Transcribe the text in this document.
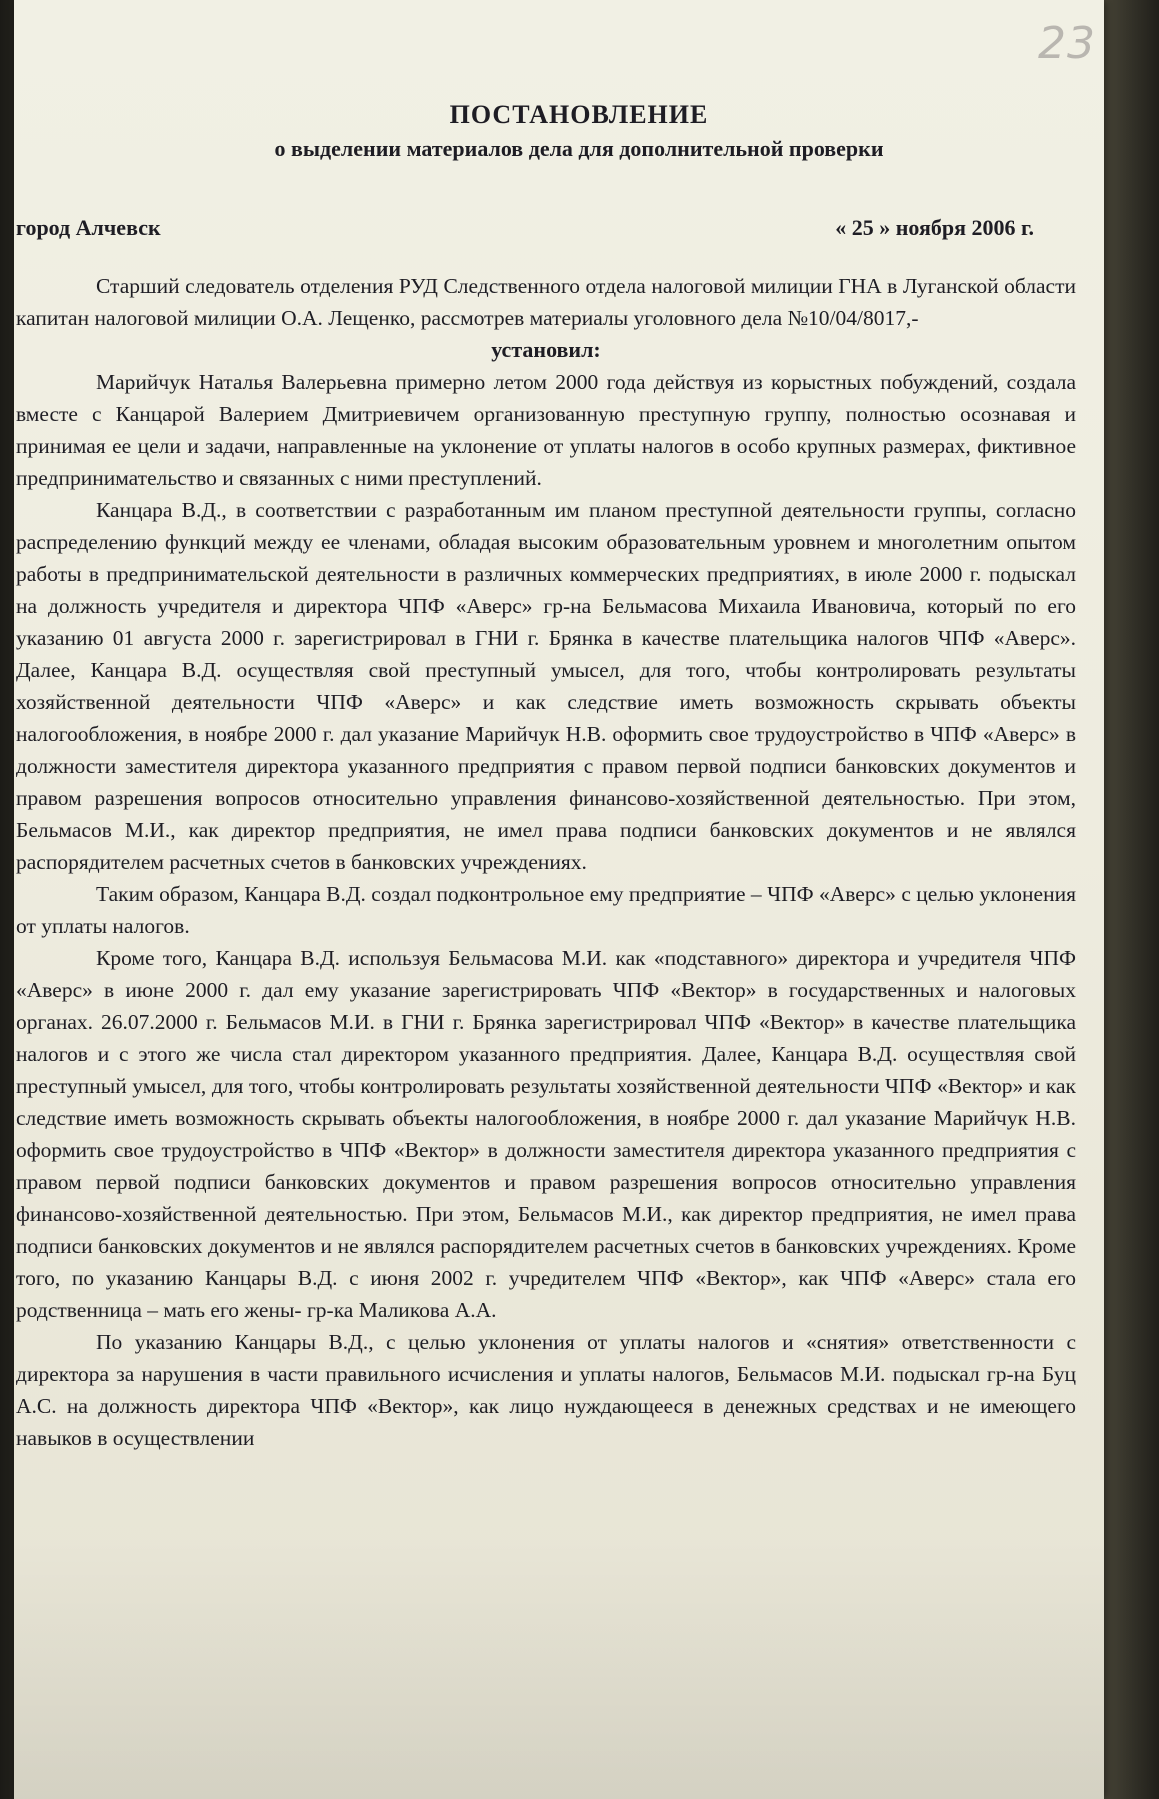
23
ПОСТАНОВЛЕНИЕ
о выделении материалов дела для дополнительной проверки
город Алчевск	« 25 » ноября 2006 г.

Старший следователь отделения РУД Следственного отдела налоговой милиции ГНА в Луганской области капитан налоговой милиции О.А. Лещенко, рассмотрев материалы уголовного дела №10/04/8017,-

установил:

Марийчук Наталья Валерьевна примерно летом 2000 года действуя из корыстных побуждений, создала вместе с Канцарой Валерием Дмитриевичем организованную преступную группу, полностью осознавая и принимая ее цели и задачи, направленные на уклонение от уплаты налогов в особо крупных размерах, фиктивное предпринимательство и связанных с ними преступлений.

Канцара В.Д., в соответствии с разработанным им планом преступной деятельности группы, согласно распределению функций между ее членами, обладая высоким образовательным уровнем и многолетним опытом работы в предпринимательской деятельности в различных коммерческих предприятиях, в июле 2000 г. подыскал на должность учредителя и директора ЧПФ «Аверс» гр-на Бельмасова Михаила Ивановича, который по его указанию 01 августа 2000 г. зарегистрировал в ГНИ г. Брянка в качестве плательщика налогов ЧПФ «Аверс». Далее, Канцара В.Д. осуществляя свой преступный умысел, для того, чтобы контролировать результаты хозяйственной деятельности ЧПФ «Аверс» и как следствие иметь возможность скрывать объекты налогообложения, в ноябре 2000 г. дал указание Марийчук Н.В. оформить свое трудоустройство в ЧПФ «Аверс» в должности заместителя директора указанного предприятия с правом первой подписи банковских документов и правом разрешения вопросов относительно управления финансово-хозяйственной деятельностью. При этом, Бельмасов М.И., как директор предприятия, не имел права подписи банковских документов и не являлся распорядителем расчетных счетов в банковских учреждениях.

Таким образом, Канцара В.Д. создал подконтрольное ему предприятие – ЧПФ «Аверс» с целью уклонения от уплаты налогов.

Кроме того, Канцара В.Д. используя Бельмасова М.И. как «подставного» директора и учредителя ЧПФ «Аверс» в июне 2000 г. дал ему указание зарегистрировать ЧПФ «Вектор» в государственных и налоговых органах. 26.07.2000 г. Бельмасов М.И. в ГНИ г. Брянка зарегистрировал ЧПФ «Вектор» в качестве плательщика налогов и с этого же числа стал директором указанного предприятия. Далее, Канцара В.Д. осуществляя свой преступный умысел, для того, чтобы контролировать результаты хозяйственной деятельности ЧПФ «Вектор» и как следствие иметь возможность скрывать объекты налогообложения, в ноябре 2000 г. дал указание Марийчук Н.В. оформить свое трудоустройство в ЧПФ «Вектор» в должности заместителя директора указанного предприятия с правом первой подписи банковских документов и правом разрешения вопросов относительно управления финансово-хозяйственной деятельностью. При этом, Бельмасов М.И., как директор предприятия, не имел права подписи банковских документов и не являлся распорядителем расчетных счетов в банковских учреждениях. Кроме того, по указанию Канцары В.Д. с июня 2002 г. учредителем ЧПФ «Вектор», как ЧПФ «Аверс» стала его родственница – мать его жены- гр-ка Маликова А.А.

По указанию Канцары В.Д., с целью уклонения от уплаты налогов и «снятия» ответственности с директора за нарушения в части правильного исчисления и уплаты налогов, Бельмасов М.И. подыскал гр-на Буц А.С. на должность директора ЧПФ «Вектор», как лицо нуждающееся в денежных средствах и не имеющего навыков в осуществлении
